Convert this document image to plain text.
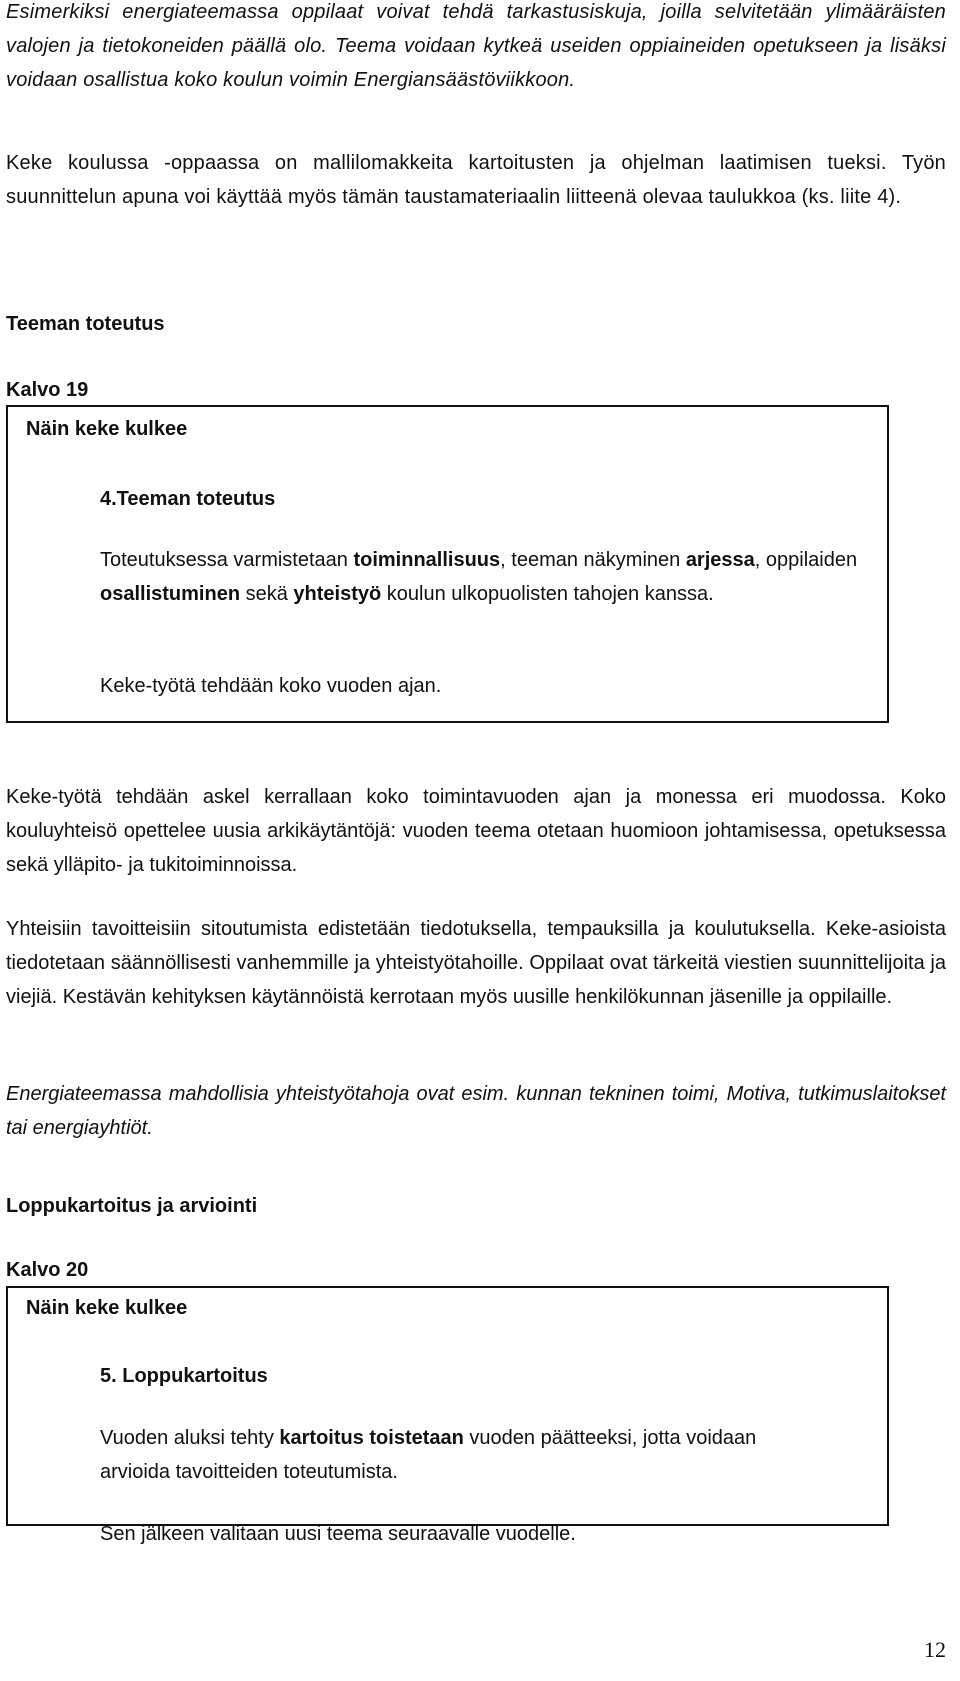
Esimerkiksi energiateemassa oppilaat voivat tehdä tarkastusiskuja, joilla selvitetään ylimääräisten valojen ja tietokoneiden päällä olo. Teema voidaan kytkeä useiden oppiaineiden opetukseen ja lisäksi voidaan osallistua koko koulun voimin Energiansäästöviikkoon.

Keke koulussa -oppaassa on mallilomakkeita kartoitusten ja ohjelman laatimisen tueksi. Työn suunnittelun apuna voi käyttää myös tämän taustamateriaalin liitteenä olevaa taulukkoa (ks. liite 4).

Teeman toteutus
Kalvo 19
Näin keke kulkee
4.Teeman toteutus
Toteutuksessa varmistetaan toiminnallisuus, teeman näkyminen arjessa, oppilaiden osallistuminen sekä yhteistyö koulun ulkopuolisten tahojen kanssa.
Keke-työtä tehdään koko vuoden ajan.

Keke-työtä tehdään askel kerrallaan koko toimintavuoden ajan ja monessa eri muodossa. Koko kouluyhteisö opettelee uusia arkikäytäntöjä: vuoden teema otetaan huomioon johtamisessa, opetuksessa sekä ylläpito- ja tukitoiminnoissa.

Yhteisiin tavoitteisiin sitoutumista edistetään tiedotuksella, tempauksilla ja koulutuksella. Keke-asioista tiedotetaan säännöllisesti vanhemmille ja yhteistyötahoille. Oppilaat ovat tärkeitä viestien suunnittelijoita ja viejiä. Kestävän kehityksen käytännöistä kerrotaan myös uusille henkilökunnan jäsenille ja oppilaille.

Energiateemassa mahdollisia yhteistyötahoja ovat esim. kunnan tekninen toimi, Motiva, tutkimuslaitokset tai energiayhtiöt.

Loppukartoitus ja arviointi
Kalvo 20
Näin keke kulkee
5. Loppukartoitus
Vuoden aluksi tehty kartoitus toistetaan vuoden päätteeksi, jotta voidaan arvioida tavoitteiden toteutumista.
Sen jälkeen valitaan uusi teema seuraavalle vuodelle.
12
